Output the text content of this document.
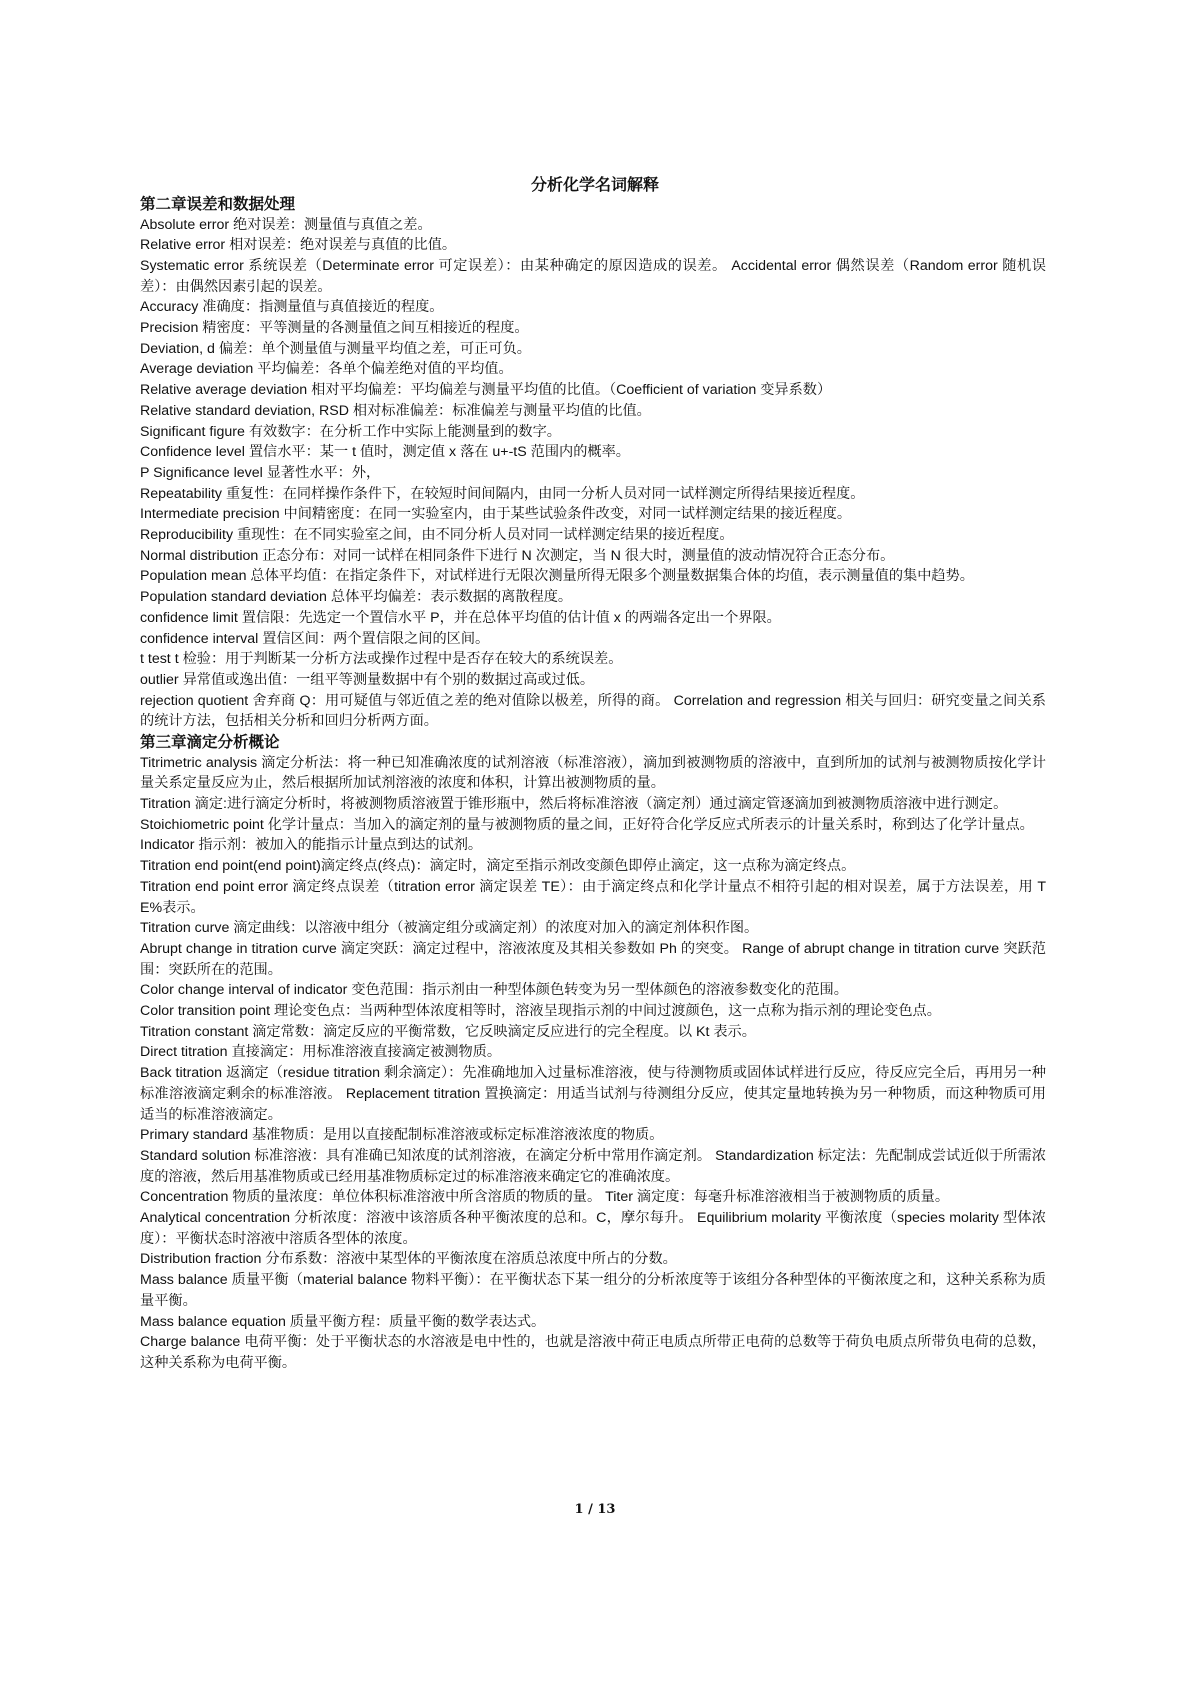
分析化学名词解释
第二章误差和数据处理

Absolute error 绝对误差：测量值与真值之差。

Relative error 相对误差：绝对误差与真值的比值。

Systematic error 系统误差（Determinate error 可定误差）：由某种确定的原因造成的误差。 Accidental error 偶然误差（Random error 随机误差）：由偶然因素引起的误差。

Accuracy 准确度：指测量值与真值接近的程度。

Precision 精密度：平等测量的各测量值之间互相接近的程度。

Deviation, d 偏差：单个测量值与测量平均值之差，可正可负。

Average deviation 平均偏差：各单个偏差绝对值的平均值。

Relative average deviation 相对平均偏差：平均偏差与测量平均值的比值。（Coefficient of variation 变异系数）

Relative standard deviation, RSD 相对标准偏差：标准偏差与测量平均值的比值。

Significant figure 有效数字：在分析工作中实际上能测量到的数字。

Confidence level 置信水平：某一 t 值时，测定值 x 落在 u+-tS 范围内的概率。

P Significance level 显著性水平：外，

Repeatability 重复性：在同样操作条件下，在较短时间间隔内，由同一分析人员对同一试样测定所得结果接近程度。

Intermediate precision 中间精密度：在同一实验室内，由于某些试验条件改变，对同一试样测定结果的接近程度。

Reproducibility 重现性：在不同实验室之间，由不同分析人员对同一试样测定结果的接近程度。

Normal distribution 正态分布：对同一试样在相同条件下进行 N 次测定，当 N 很大时，测量值的波动情况符合正态分布。

Population mean 总体平均值：在指定条件下，对试样进行无限次测量所得无限多个测量数据集合体的均值，表示测量值的集中趋势。

Population standard deviation 总体平均偏差：表示数据的离散程度。

confidence limit 置信限：先选定一个置信水平 P，并在总体平均值的估计值 x 的两端各定出一个界限。

confidence interval 置信区间：两个置信限之间的区间。

t test t 检验：用于判断某一分析方法或操作过程中是否存在较大的系统误差。

outlier 异常值或逸出值：一组平等测量数据中有个别的数据过高或过低。

rejection quotient 舍弃商 Q：用可疑值与邻近值之差的绝对值除以极差，所得的商。 Correlation and regression 相关与回归：研究变量之间关系的统计方法，包括相关分析和回归分析两方面。

第三章滴定分析概论

Titrimetric analysis 滴定分析法：将一种已知准确浓度的试剂溶液（标准溶液），滴加到被测物质的溶液中，直到所加的试剂与被测物质按化学计量关系定量反应为止，然后根据所加试剂溶液的浓度和体积，计算出被测物质的量。

Titration 滴定:进行滴定分析时，将被测物质溶液置于锥形瓶中，然后将标准溶液（滴定剂）通过滴定管逐滴加到被测物质溶液中进行测定。

Stoichiometric point 化学计量点：当加入的滴定剂的量与被测物质的量之间，正好符合化学反应式所表示的计量关系时，称到达了化学计量点。

Indicator 指示剂：被加入的能指示计量点到达的试剂。

Titration end point(end point)滴定终点(终点)：滴定时，滴定至指示剂改变颜色即停止滴定，这一点称为滴定终点。

Titration end point error 滴定终点误差（titration error 滴定误差 TE）：由于滴定终点和化学计量点不相符引起的相对误差，属于方法误差，用 TE%表示。

Titration curve 滴定曲线：以溶液中组分（被滴定组分或滴定剂）的浓度对加入的滴定剂体积作图。

Abrupt change in titration curve 滴定突跃：滴定过程中，溶液浓度及其相关参数如 Ph 的突变。 Range of abrupt change in titration curve 突跃范围：突跃所在的范围。

Color change interval of indicator 变色范围：指示剂由一种型体颜色转变为另一型体颜色的溶液参数变化的范围。

Color transition point 理论变色点：当两种型体浓度相等时，溶液呈现指示剂的中间过渡颜色，这一点称为指示剂的理论变色点。

Titration constant 滴定常数：滴定反应的平衡常数，它反映滴定反应进行的完全程度。以 Kt 表示。

Direct titration 直接滴定：用标准溶液直接滴定被测物质。

Back titration 返滴定（residue titration 剩余滴定）：先准确地加入过量标准溶液，使与待测物质或固体试样进行反应，待反应完全后，再用另一种标准溶液滴定剩余的标准溶液。 Replacement titration 置换滴定：用适当试剂与待测组分反应，使其定量地转换为另一种物质，而这种物质可用适当的标准溶液滴定。

Primary standard 基准物质：是用以直接配制标准溶液或标定标准溶液浓度的物质。

Standard solution 标准溶液：具有准确已知浓度的试剂溶液，在滴定分析中常用作滴定剂。 Standardization 标定法：先配制成尝试近似于所需浓度的溶液，然后用基准物质或已经用基准物质标定过的标准溶液来确定它的准确浓度。

Concentration 物质的量浓度：单位体积标准溶液中所含溶质的物质的量。 Titer 滴定度：每毫升标准溶液相当于被测物质的质量。

Analytical concentration 分析浓度：溶液中该溶质各种平衡浓度的总和。C，摩尔每升。 Equilibrium molarity 平衡浓度（species molarity 型体浓度）：平衡状态时溶液中溶质各型体的浓度。

Distribution fraction 分布系数：溶液中某型体的平衡浓度在溶质总浓度中所占的分数。

Mass balance 质量平衡（material balance 物料平衡）：在平衡状态下某一组分的分析浓度等于该组分各种型体的平衡浓度之和，这种关系称为质量平衡。

Mass balance equation 质量平衡方程：质量平衡的数学表达式。

Charge balance 电荷平衡：处于平衡状态的水溶液是电中性的，也就是溶液中荷正电质点所带正电荷的总数等于荷负电质点所带负电荷的总数，这种关系称为电荷平衡。

1 / 13
